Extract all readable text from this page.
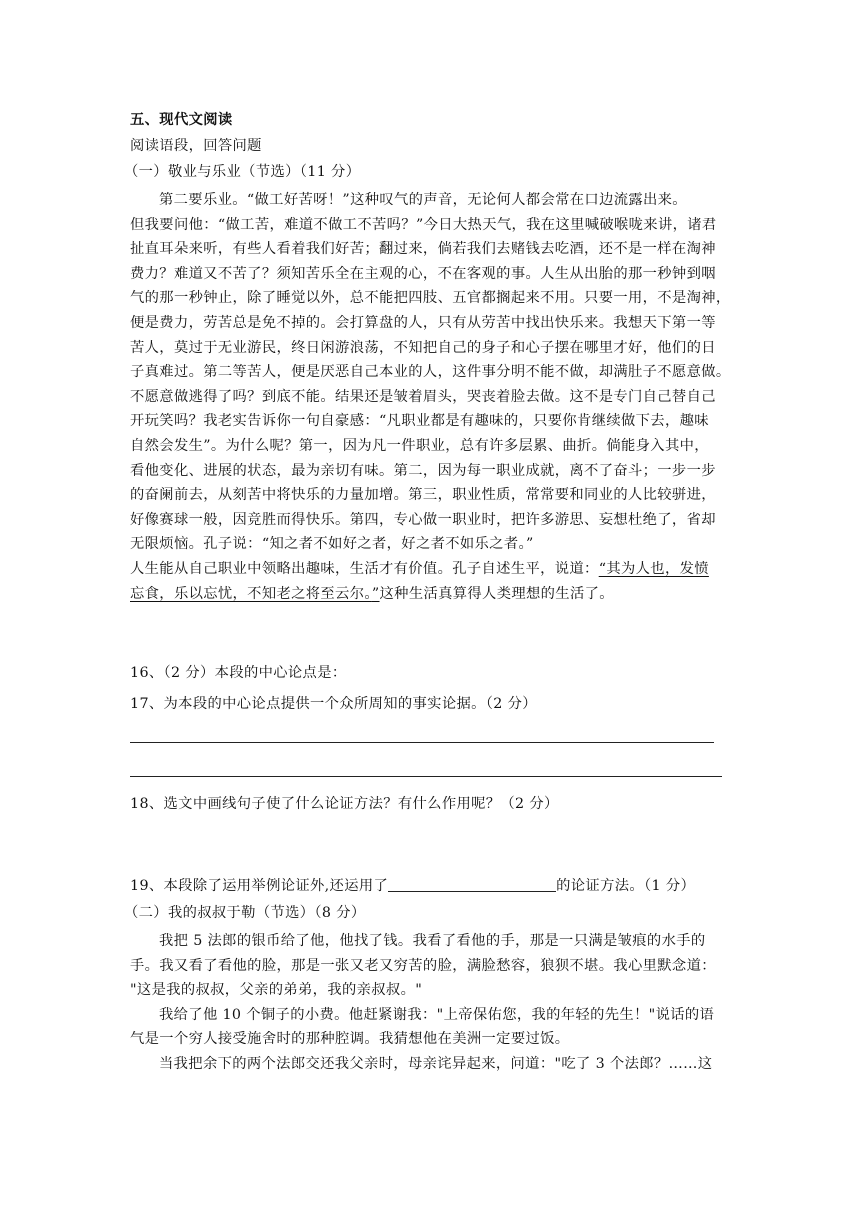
五、现代文阅读
阅读语段，回答问题
（一）敬业与乐业（节选）（11 分）
第二要乐业。“做工好苦呀！”这种叹气的声音，无论何人都会常在口边流露出来。
但我要问他：“做工苦，难道不做工不苦吗？”今日大热天气，我在这里喊破喉咙来讲，诸君
扯直耳朵来听，有些人看着我们好苦；翻过来，倘若我们去赌钱去吃酒，还不是一样在淘神
费力？难道又不苦了？须知苦乐全在主观的心，不在客观的事。人生从出胎的那一秒钟到咽
气的那一秒钟止，除了睡觉以外，总不能把四肢、五官都搁起来不用。只要一用，不是淘神，
便是费力，劳苦总是免不掉的。会打算盘的人，只有从劳苦中找出快乐来。我想天下第一等
苦人，莫过于无业游民，终日闲游浪荡，不知把自己的身子和心子摆在哪里才好，他们的日
子真难过。第二等苦人，便是厌恶自己本业的人，这件事分明不能不做，却满肚子不愿意做。
不愿意做逃得了吗？到底不能。结果还是皱着眉头，哭丧着脸去做。这不是专门自己替自己
开玩笑吗？我老实告诉你一句自豪感：“凡职业都是有趣味的，只要你肯继续做下去，趣味
自然会发生”。为什么呢？第一，因为凡一件职业，总有许多层累、曲折。倘能身入其中，
看他变化、进展的状态，最为亲切有味。第二，因为每一职业成就，离不了奋斗；一步一步
的奋阑前去，从刻苦中将快乐的力量加增。第三，职业性质，常常要和同业的人比较骈进，
好像赛球一般，因竞胜而得快乐。第四，专心做一职业时，把许多游思、妄想杜绝了，省却
无限烦恼。孔子说：“知之者不如好之者，好之者不如乐之者。”
人生能从自己职业中领略出趣味，生活才有价值。孔子自述生平，说道：“其为人也，发愤
忘食，乐以忘忧，不知老之将至云尔。”这种生活真算得人类理想的生活了。
16、（2 分）本段的中心论点是：
17、为本段的中心论点提供一个众所周知的事实论据。（2 分）
18、选文中画线句子使了什么论证方法？有什么作用呢？（2 分）
19、本段除了运用举例论证外,还运用了	的论证方法。（1 分）
（二）我的叔叔于勒（节选）（8 分）
我把 5 法郎的银币给了他，他找了钱。我看了看他的手，那是一只满是皱痕的水手的
手。我又看了看他的脸，那是一张又老又穷苦的脸，满脸愁容，狼狈不堪。我心里默念道：
"这是我的叔叔，父亲的弟弟，我的亲叔叔。"
我给了他 10 个铜子的小费。他赶紧谢我："上帝保佑您，我的年轻的先生！"说话的语
气是一个穷人接受施舍时的那种腔调。我猜想他在美洲一定要过饭。
当我把余下的两个法郎交还我父亲时，母亲诧异起来，问道："吃了 3 个法郎？……这
